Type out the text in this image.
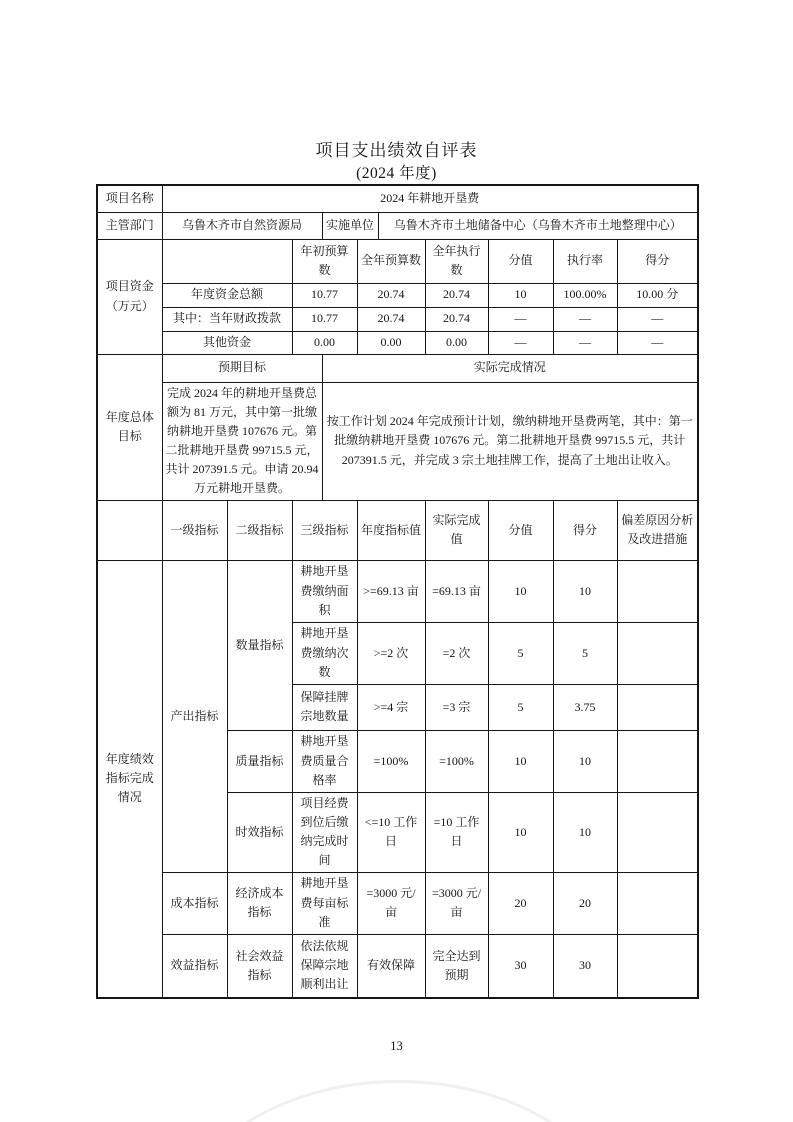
项目支出绩效自评表
(2024 年度)
项目名称	2024 年耕地开垦费									
主管部门	乌鲁木齐市自然资源局			实施单位		乌鲁木齐市土地储备中心（乌鲁木齐市土地整理中心）				
项目资金（万元）			年初预算数		全年预算数		全年执行数	分值	执行率	得分
	年度资金总额		10.77		20.74		20.74	10	100.00%	10.00 分
	其中：当年财政拨款		10.77		20.74		20.74	—	—	—
	其他资金		0.00		0.00		0.00	—	—	—
年度总体目标	预期目标			实际完成情况						
	完成 2024 年的耕地开垦费总额为 81 万元，其中第一批缴纳耕地开垦费 107676 元。第二批耕地开垦费 99715.5 元，共计 207391.5 元。申请 20.94 万元耕地开垦费。			按工作计划 2024 年完成预计计划，缴纳耕地开垦费两笔，其中：第一批缴纳耕地开垦费 107676 元。第二批耕地开垦费 99715.5 元，共计 207391.5 元，并完成 3 宗土地挂牌工作，提高了土地出让收入。						
	一级指标	二级指标	三级指标		年度指标值		实际完成值	分值	得分	偏差原因分析及改进措施
年度绩效指标完成情况	产出指标	数量指标	耕地开垦费缴纳面积		>=69.13 亩		=69.13 亩	10	10	
			耕地开垦费缴纳次数		>=2 次		=2 次	5	5	
			保障挂牌宗地数量		>=4 宗		=3 宗	5	3.75	
		质量指标	耕地开垦费质量合格率		=100%		=100%	10	10	
		时效指标	项目经费到位后缴纳完成时间		<=10 工作日		=10 工作日	10	10	
	成本指标	经济成本指标	耕地开垦费每亩标准		=3000 元/亩		=3000 元/亩	20	20	
	效益指标	社会效益指标	依法依规保障宗地顺利出让		有效保障		完全达到预期	30	30	
13
